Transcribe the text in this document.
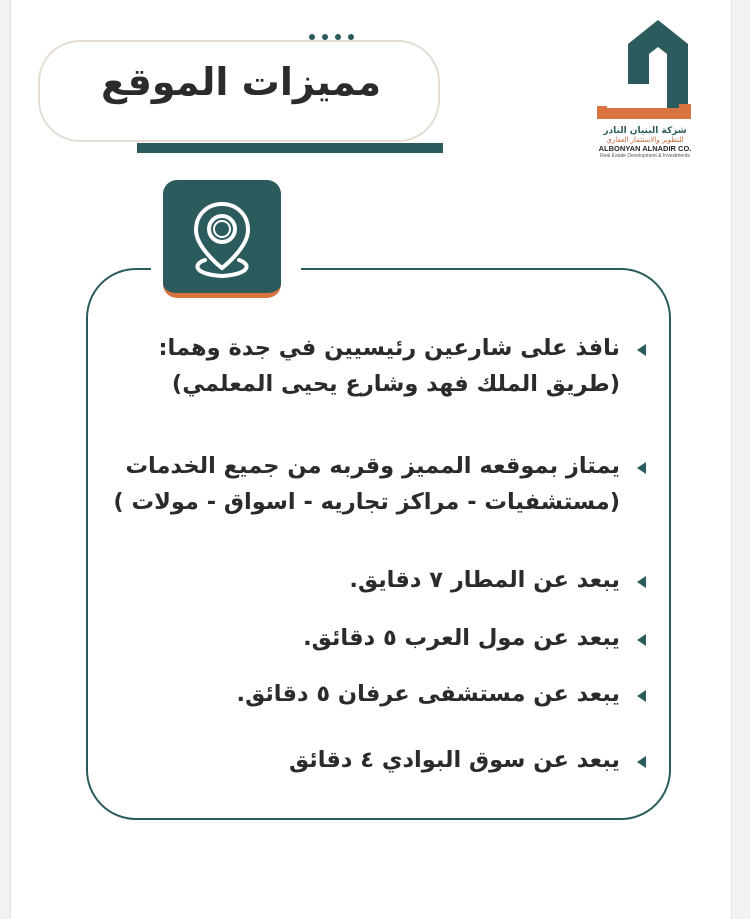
مميزات الموقع
شركة البنيان النادر
للتطوير والاستثمار العقاري
ALBONYAN ALNADIR CO.
Real Estate Development & Investments
نافذ على شارعين رئيسيين في جدة وهما:
(طريق الملك فهد وشارع يحيى المعلمي)
يمتاز بموقعه المميز وقربه من جميع الخدمات
(مستشفيات - مراكز تجاريه - اسواق - مولات )
يبعد عن المطار ٧ دقايق.
يبعد عن مول العرب ٥ دقائق.
يبعد عن مستشفى عرفان ٥ دقائق.
يبعد عن سوق البوادي ٤ دقائق
